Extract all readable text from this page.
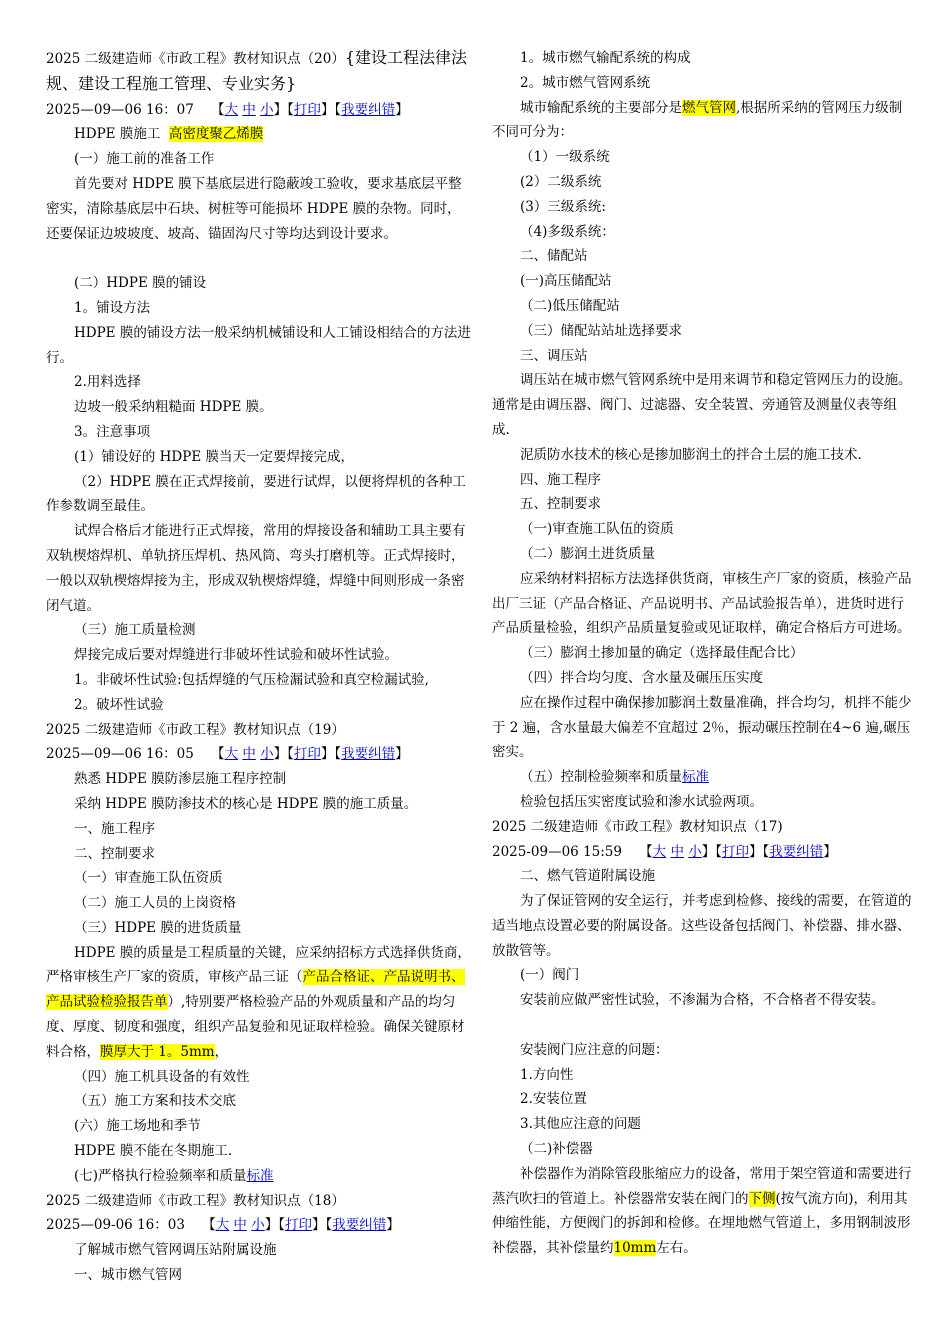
2025 二级建造师《市政工程》教材知识点（20）{建设工程法律法规、建设工程施工管理、专业实务}
2025—09—06 16：07 【大 中 小】【打印】【我要纠错】
HDPE 膜施工 高密度聚乙烯膜
(一）施工前的准备工作
首先要对 HDPE 膜下基底层进行隐蔽竣工验收，要求基底层平整密实，清除基底层中石块、树桩等可能损坏 HDPE 膜的杂物。同时，还要保证边坡坡度、坡高、锚固沟尺寸等均达到设计要求。
(二）HDPE 膜的铺设
1。铺设方法
HDPE 膜的铺设方法一般采纳机械铺设和人工铺设相结合的方法进行。
2.用料选择
边坡一般采纳粗糙面 HDPE 膜。
3。注意事项
(1）铺设好的 HDPE 膜当天一定要焊接完成，
（2）HDPE 膜在正式焊接前，要进行试焊，以便将焊机的各种工作参数调至最佳。
试焊合格后才能进行正式焊接，常用的焊接设备和辅助工具主要有双轨楔熔焊机、单轨挤压焊机、热风筒、弯头打磨机等。正式焊接时，一般以双轨楔熔焊接为主，形成双轨楔熔焊缝，焊缝中间则形成一条密闭气道。
（三）施工质量检测
焊接完成后要对焊缝进行非破坏性试验和破坏性试验。
1。非破坏性试验:包括焊缝的气压检漏试验和真空检漏试验,
2。破坏性试验
2025 二级建造师《市政工程》教材知识点（19）
2025—09—06 16：05 【大 中 小】【打印】【我要纠错】
熟悉 HDPE 膜防渗层施工程序控制
采纳 HDPE 膜防渗技术的核心是 HDPE 膜的施工质量。
一、施工程序
二、控制要求
（一）审查施工队伍资质
（二）施工人员的上岗资格
（三）HDPE 膜的进货质量
HDPE 膜的质量是工程质量的关键，应采纳招标方式选择供货商，严格审核生产厂家的资质，审核产品三证（产品合格证、产品说明书、产品试验检验报告单）,特别要严格检验产品的外观质量和产品的均匀度、厚度、韧度和强度，组织产品复验和见证取样检验。确保关键原材料合格，膜厚大于 1。5mm，
（四）施工机具设备的有效性
（五）施工方案和技术交底
(六）施工场地和季节
HDPE 膜不能在冬期施工.
(七)严格执行检验频率和质量标准
2025 二级建造师《市政工程》教材知识点（18）
2025—09-06 16：03 【大 中 小】【打印】【我要纠错】
了解城市燃气管网调压站附属设施
一、城市燃气管网
1。城市燃气输配系统的构成
2。城市燃气管网系统
城市输配系统的主要部分是燃气管网,根据所采纳的管网压力级制不同可分为：
（1）一级系统
(2）二级系统
(3）三级系统:
（4)多级系统：
二、储配站
(一)高压储配站
（二)低压储配站
（三）储配站站址选择要求
三、调压站
调压站在城市燃气管网系统中是用来调节和稳定管网压力的设施。通常是由调压器、阀门、过滤器、安全装置、旁通管及测量仪表等组成.
泥质防水技术的核心是掺加膨润土的拌合土层的施工技术.
四、施工程序
五、控制要求
（一)审查施工队伍的资质
（二）膨润土进货质量
应采纳材料招标方法选择供货商，审核生产厂家的资质，核验产品出厂三证（产品合格证、产品说明书、产品试验报告单），进货时进行产品质量检验，组织产品质量复验或见证取样，确定合格后方可进场。
（三）膨润土掺加量的确定（选择最佳配合比）
（四）拌合均匀度、含水量及碾压压实度
应在操作过程中确保掺加膨润土数量准确，拌合均匀，机拌不能少于 2 遍，含水量最大偏差不宜超过 2％，振动碾压控制在4~6 遍,碾压密实。
（五）控制检验频率和质量标准
检验包括压实密度试验和渗水试验两项。
2025 二级建造师《市政工程》教材知识点（17)
2025-09—06 15:59 【大 中 小】【打印】【我要纠错】
二、燃气管道附属设施
为了保证管网的安全运行，并考虑到检修、接线的需要，在管道的适当地点设置必要的附属设备。这些设备包括阀门、补偿器、排水器、放散管等。
(一）阀门
安装前应做严密性试验，不渗漏为合格，不合格者不得安装。
安装阀门应注意的问题：
1.方向性
2.安装位置
3.其他应注意的问题
（二)补偿器
补偿器作为消除管段胀缩应力的设备，常用于架空管道和需要进行蒸汽吹扫的管道上。补偿器常安装在阀门的下侧(按气流方向)，利用其伸缩性能，方便阀门的拆卸和检修。在埋地燃气管道上，多用钢制波形补偿器，其补偿量约10mm左右。
